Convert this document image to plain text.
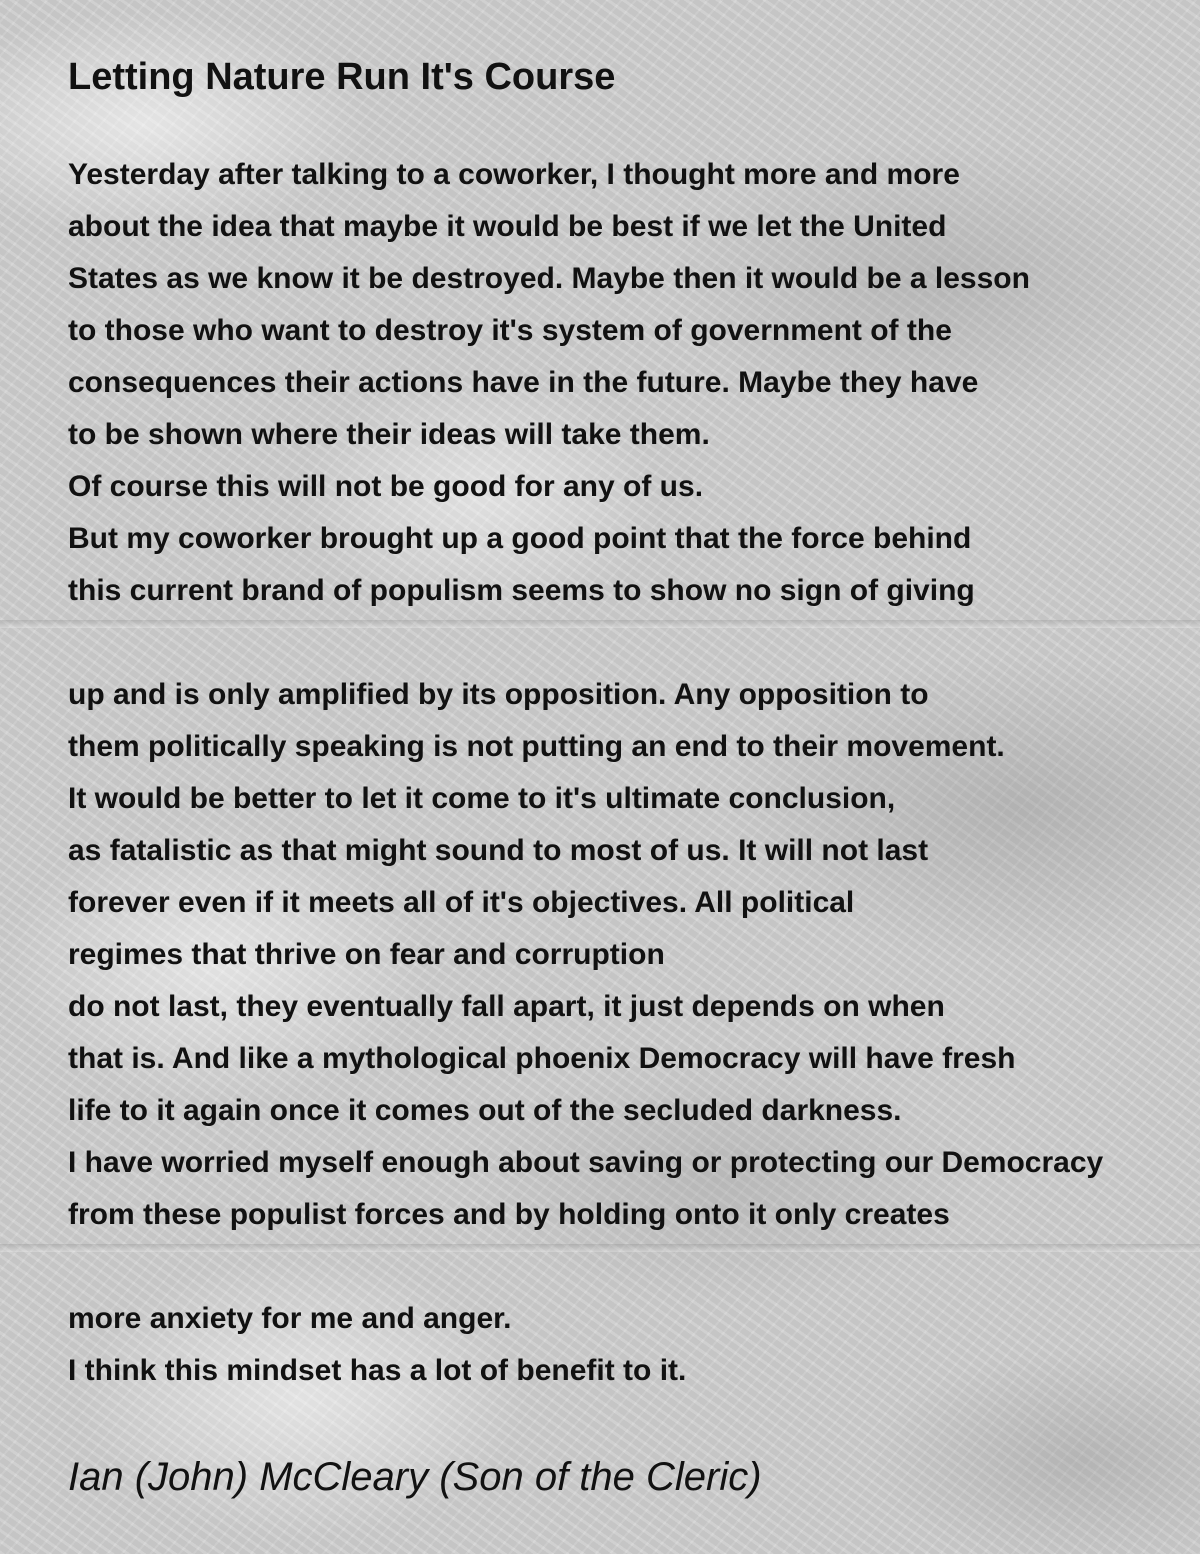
Letting Nature Run It's Course
Yesterday after talking to a coworker, I thought more and more
about the idea that maybe it would be best if we let the United
States as we know it be destroyed. Maybe then it would be a lesson
to those who want to destroy it's system of government of the
consequences their actions have in the future. Maybe they have
to be shown where their ideas will take them.
Of course this will not be good for any of us.
But my coworker brought up a good point that the force behind
this current brand of populism seems to show no sign of giving
up and is only amplified by its opposition. Any opposition to
them politically speaking is not putting an end to their movement.
It would be better to let it come to it's ultimate conclusion,
as fatalistic as that might sound to most of us. It will not last
forever even if it meets all of it's objectives. All political
regimes that thrive on fear and corruption
do not last, they eventually fall apart, it just depends on when
that is. And like a mythological phoenix Democracy will have fresh
life to it again once it comes out of the secluded darkness.
I have worried myself enough about saving or protecting our Democracy
from these populist forces and by holding onto it only creates
more anxiety for me and anger.
I think this mindset has a lot of benefit to it.

Ian (John) McCleary (Son of the Cleric)
